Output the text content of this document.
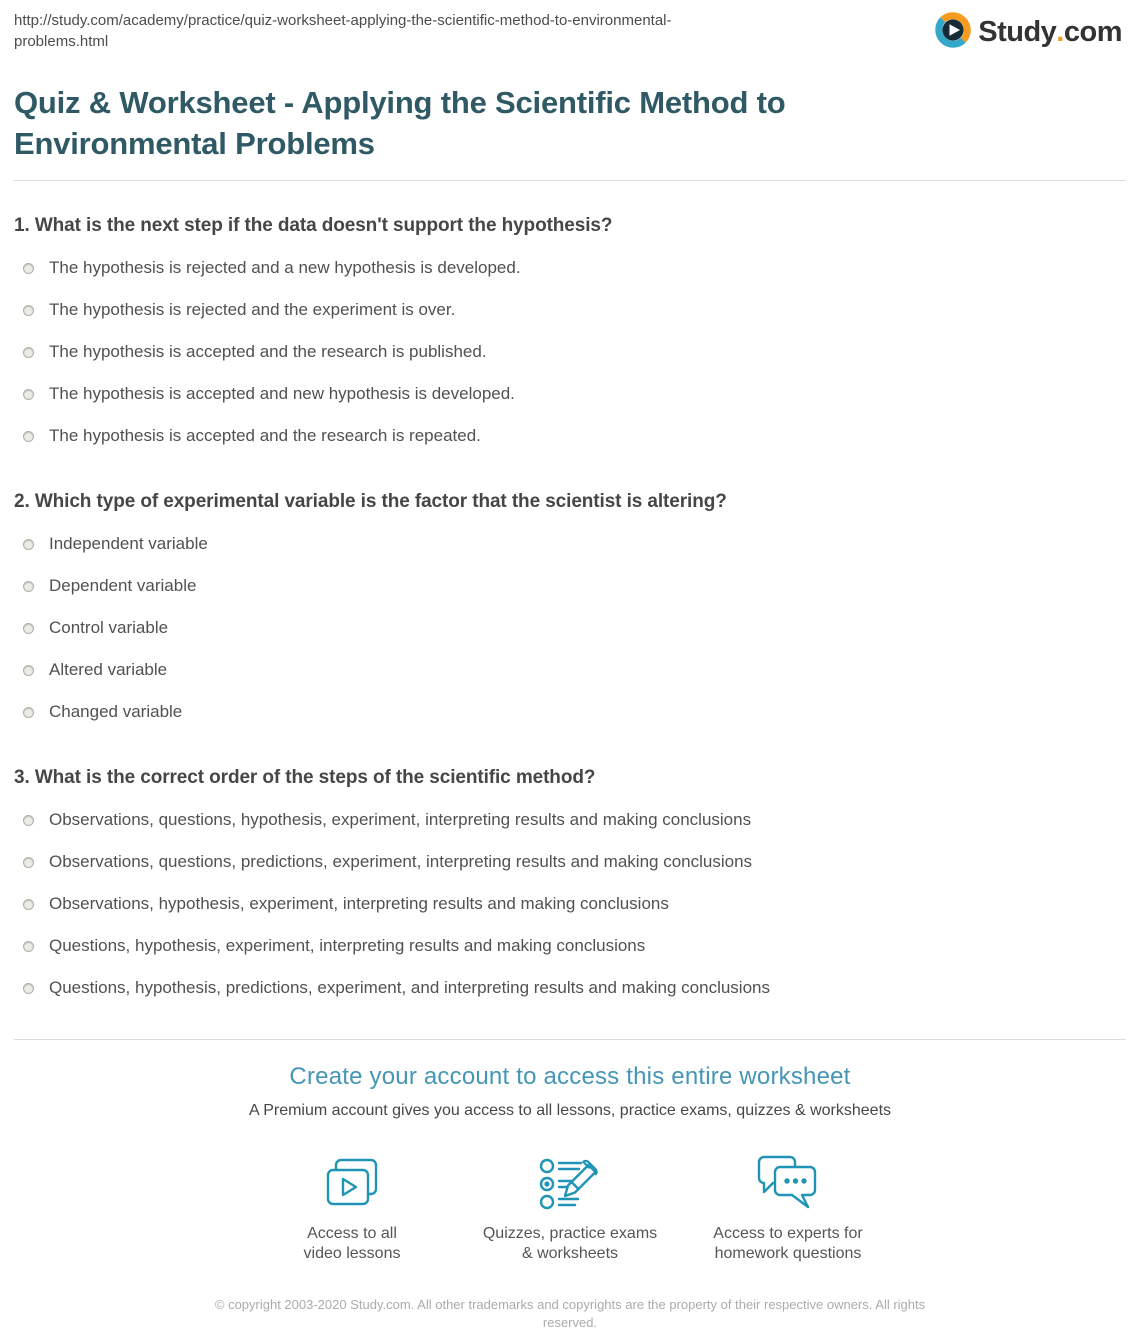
http://study.com/academy/practice/quiz-worksheet-applying-the-scientific-method-to-environmental-
problems.html	Study . com
Quiz & Worksheet - Applying the Scientific Method to
Environmental Problems
1. What is the next step if the data doesn't support the hypothesis?
The hypothesis is rejected and a new hypothesis is developed.
The hypothesis is rejected and the experiment is over.
The hypothesis is accepted and the research is published.
The hypothesis is accepted and new hypothesis is developed.
The hypothesis is accepted and the research is repeated.
2. Which type of experimental variable is the factor that the scientist is altering?
Independent variable
Dependent variable
Control variable
Altered variable
Changed variable
3. What is the correct order of the steps of the scientific method?
Observations, questions, hypothesis, experiment, interpreting results and making conclusions
Observations, questions, predictions, experiment, interpreting results and making conclusions
Observations, hypothesis, experiment, interpreting results and making conclusions
Questions, hypothesis, experiment, interpreting results and making conclusions
Questions, hypothesis, predictions, experiment, and interpreting results and making conclusions
Create your account to access this entire worksheet
A Premium account gives you access to all lessons, practice exams, quizzes & worksheets
Access to all
video lessons
Quizzes, practice exams
& worksheets
Access to experts for
homework questions
© copyright 2003-2020 Study.com. All other trademarks and copyrights are the property of their respective owners. All rights
reserved.
